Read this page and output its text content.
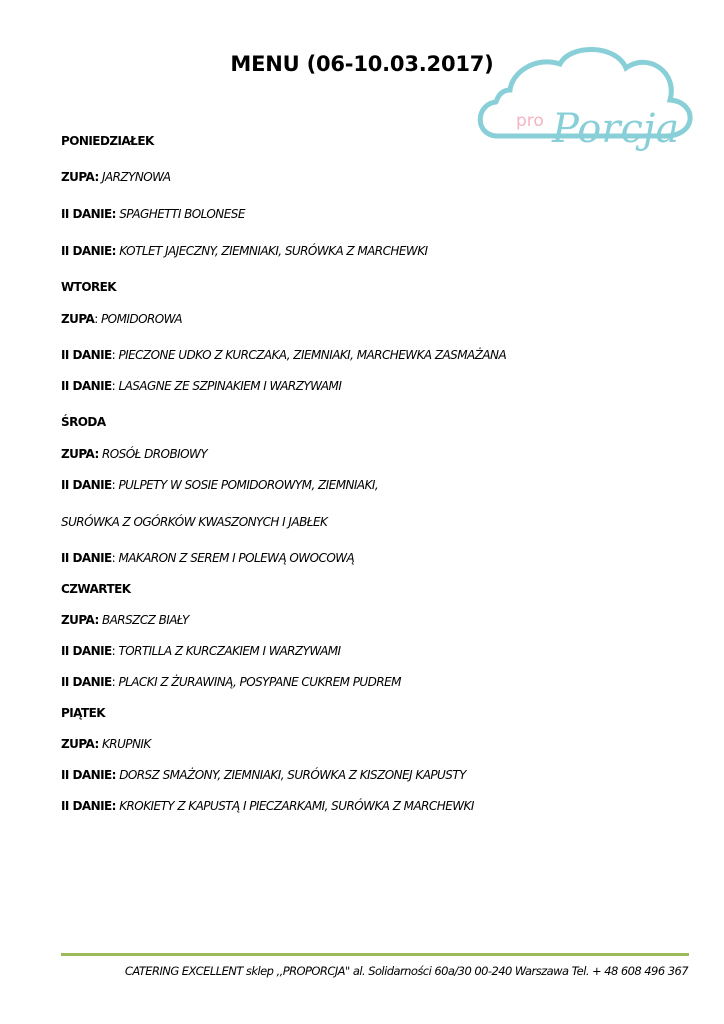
MENU (06-10.03.2017)
pro Porcja
PONIEDZIAŁEK
ZUPA: JARZYNOWA
II DANIE: SPAGHETTI BOLONESE
II DANIE: KOTLET JAJECZNY, ZIEMNIAKI, SURÓWKA Z MARCHEWKI
WTOREK
ZUPA: POMIDOROWA
II DANIE: PIECZONE UDKO Z KURCZAKA, ZIEMNIAKI, MARCHEWKA ZASMAŻANA
II DANIE: LASAGNE ZE SZPINAKIEM I WARZYWAMI
ŚRODA
ZUPA: ROSÓŁ DROBIOWY
II DANIE: PULPETY W SOSIE POMIDOROWYM, ZIEMNIAKI,
SURÓWKA Z OGÓRKÓW KWASZONYCH I JABŁEK
II DANIE: MAKARON Z SEREM I POLEWĄ OWOCOWĄ
CZWARTEK
ZUPA: BARSZCZ BIAŁY
II DANIE: TORTILLA Z KURCZAKIEM I WARZYWAMI
II DANIE: PLACKI Z ŻURAWINĄ, POSYPANE CUKREM PUDREM
PIĄTEK
ZUPA: KRUPNIK
II DANIE: DORSZ SMAŻONY, ZIEMNIAKI, SURÓWKA Z KISZONEJ KAPUSTY
II DANIE: KROKIETY Z KAPUSTĄ I PIECZARKAMI, SURÓWKA Z MARCHEWKI
CATERING EXCELLENT sklep ,,PROPORCJA" al. Solidarności 60a/30 00-240 Warszawa Tel. + 48 608 496 367
